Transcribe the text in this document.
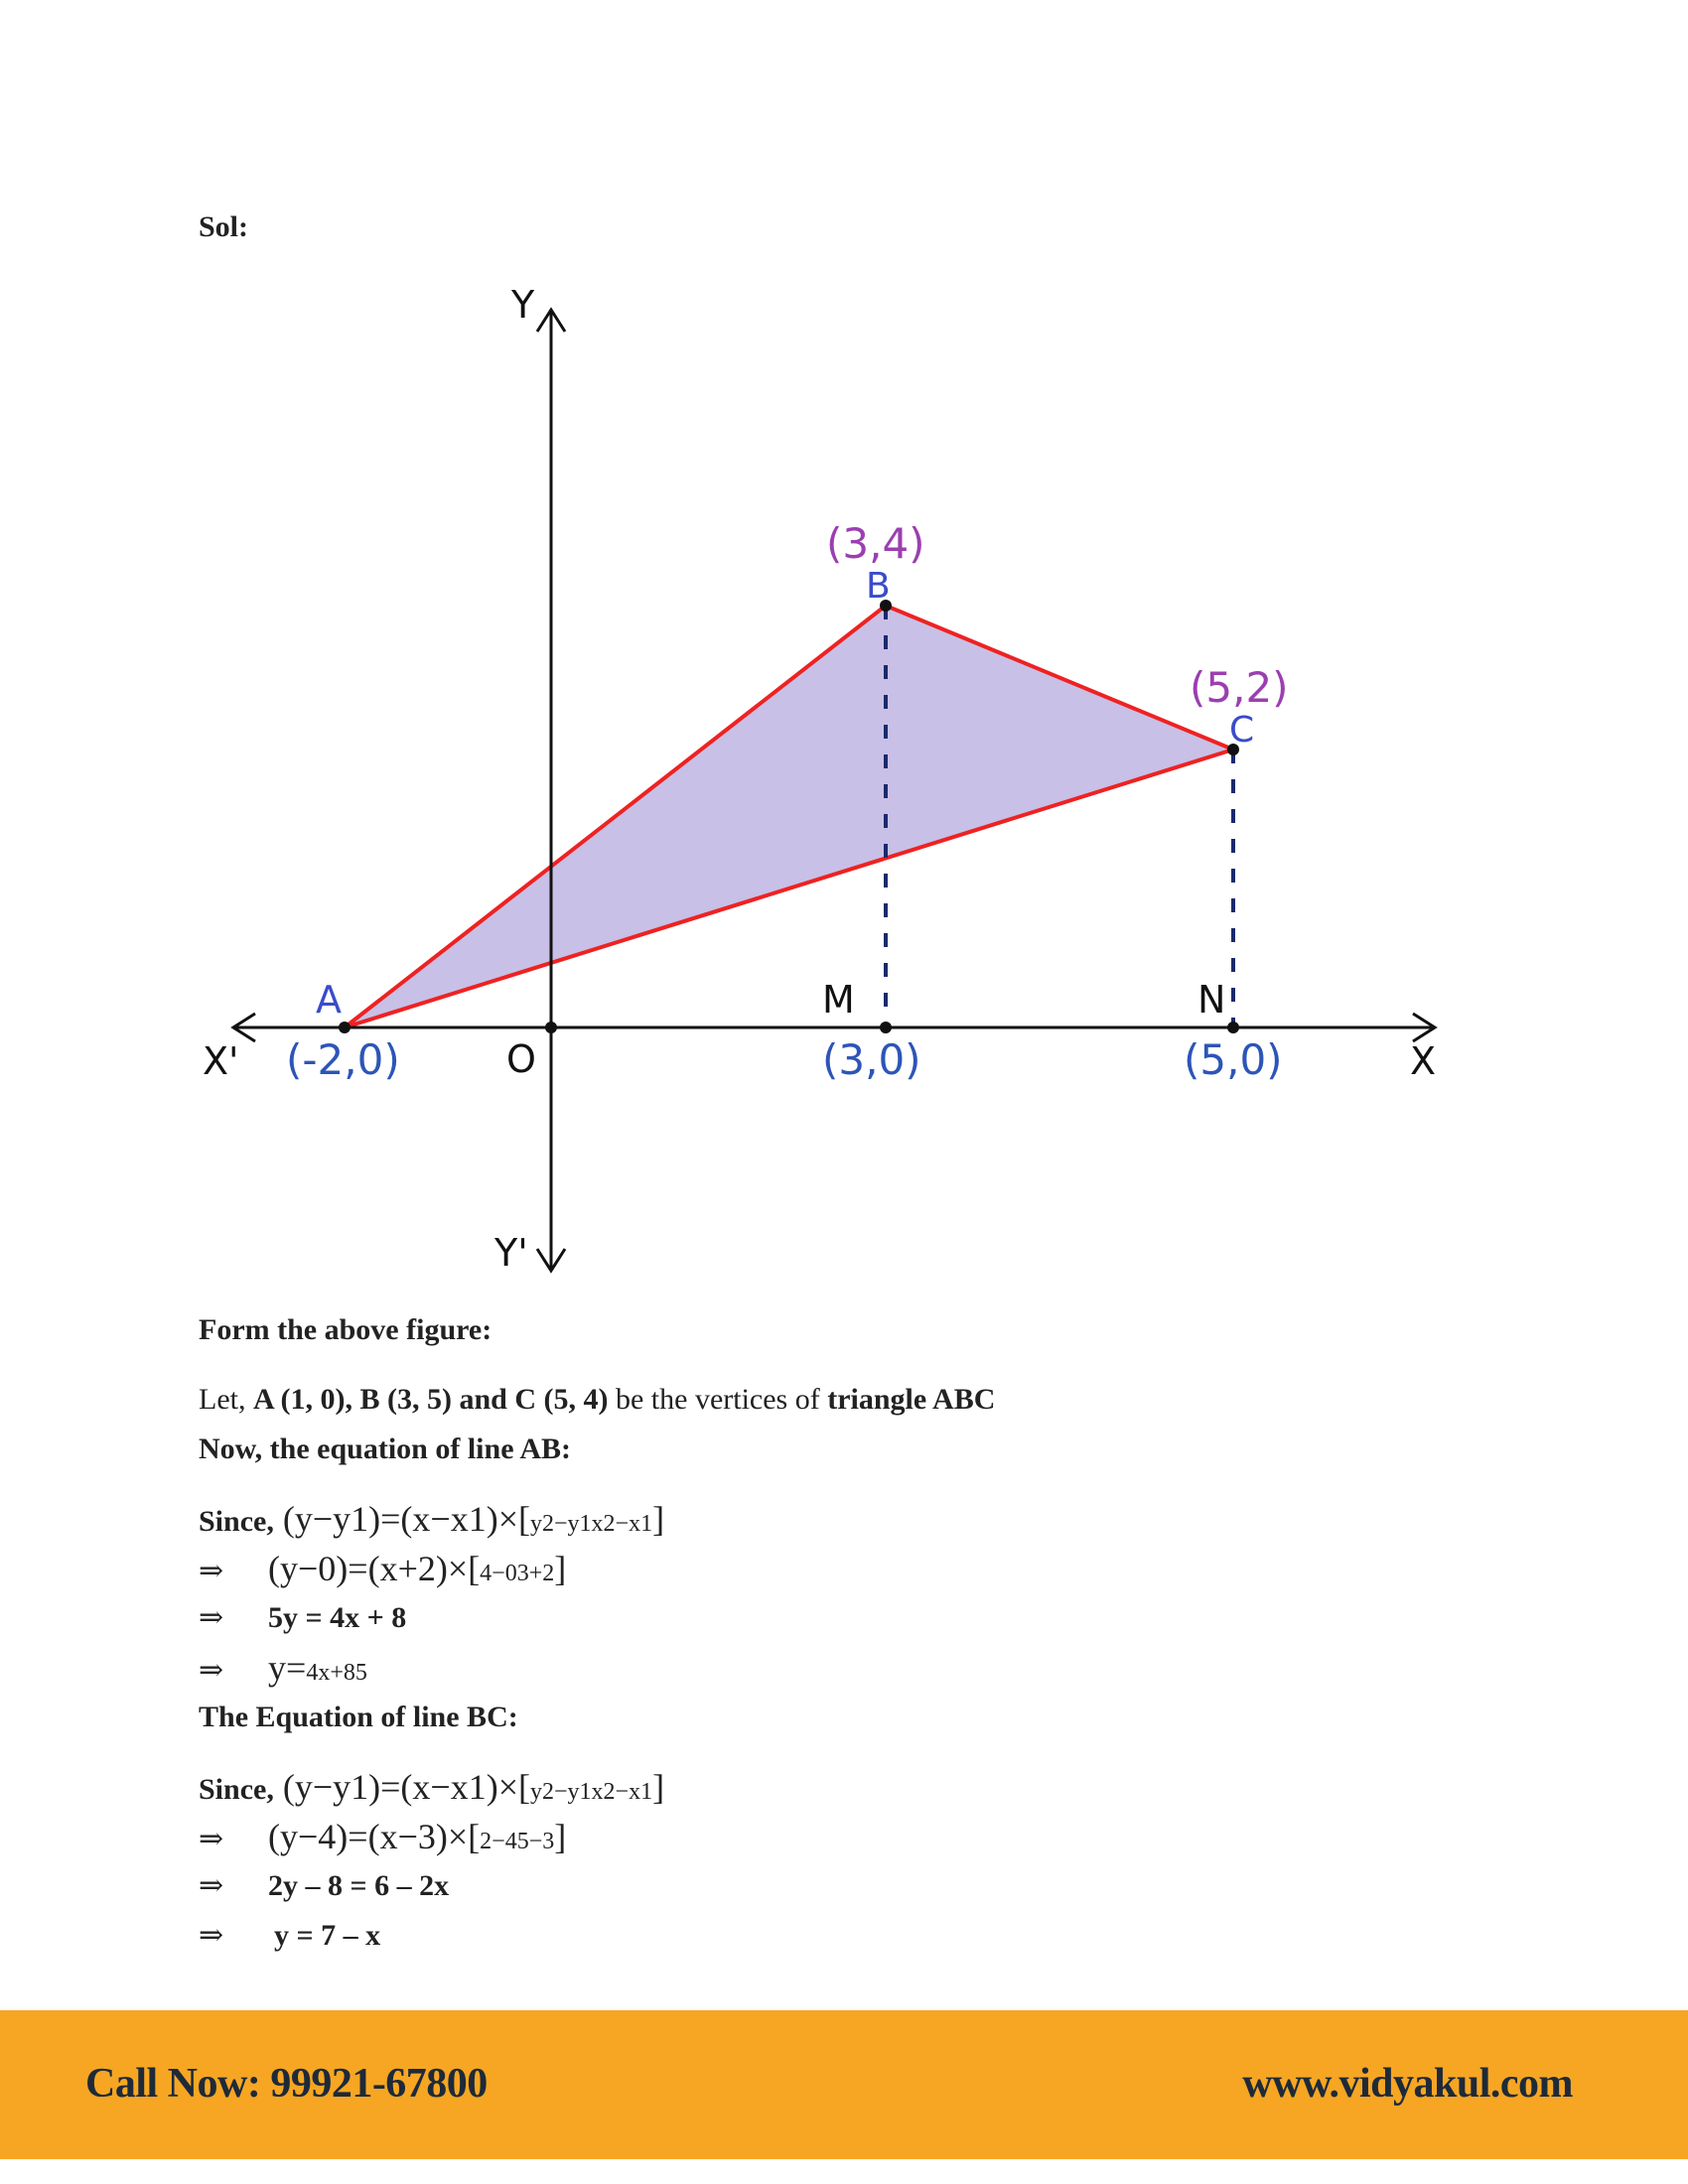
Sol:
Y
Y'
X
X'	O
A
(-2,0)
B
(3,4)
C
(5,2)
M
(3,0)
N
(5,0)
Form the above figure:
Let, A (1, 0), B (3, 5) and C (5, 4) be the vertices of triangle ABC
Now, the equation of line AB:
Since, (y−y1)=(x−x1)×[y2−y1x2−x1]
⇒ (y−0)=(x+2)×[4−03+2]
⇒ 5y = 4x + 8
⇒ y=4x+85
The Equation of line BC:
Since, (y−y1)=(x−x1)×[y2−y1x2−x1]
⇒ (y−4)=(x−3)×[2−45−3]
⇒ 2y – 8 = 6 – 2x
⇒ y = 7 – x
Call Now: 99921-67800	www.vidyakul.com
